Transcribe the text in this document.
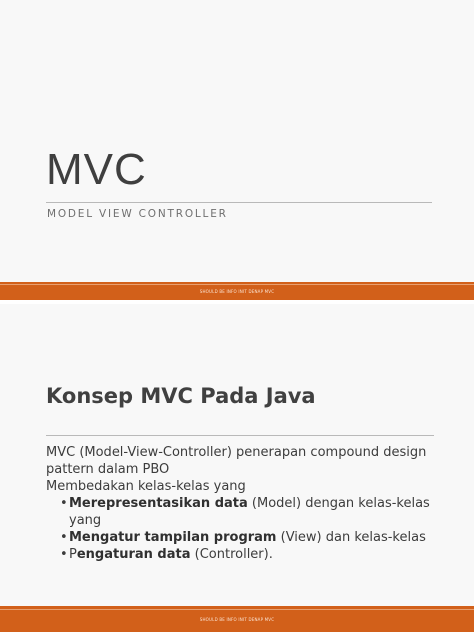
MVC
MODEL VIEW CONTROLLER
SHOULD BE INFO INIT DENAP MVC
Konsep MVC Pada Java

MVC (Model-View-Controller) penerapan compound design pattern dalam PBO

Membedakan kelas-kelas yang

• Merepresentasikan data (Model) dengan kelas-kelas yang
• Mengatur tampilan program (View) dan kelas-kelas
• Pengaturan data (Controller).
SHOULD BE INFO INIT DENAP MVC
